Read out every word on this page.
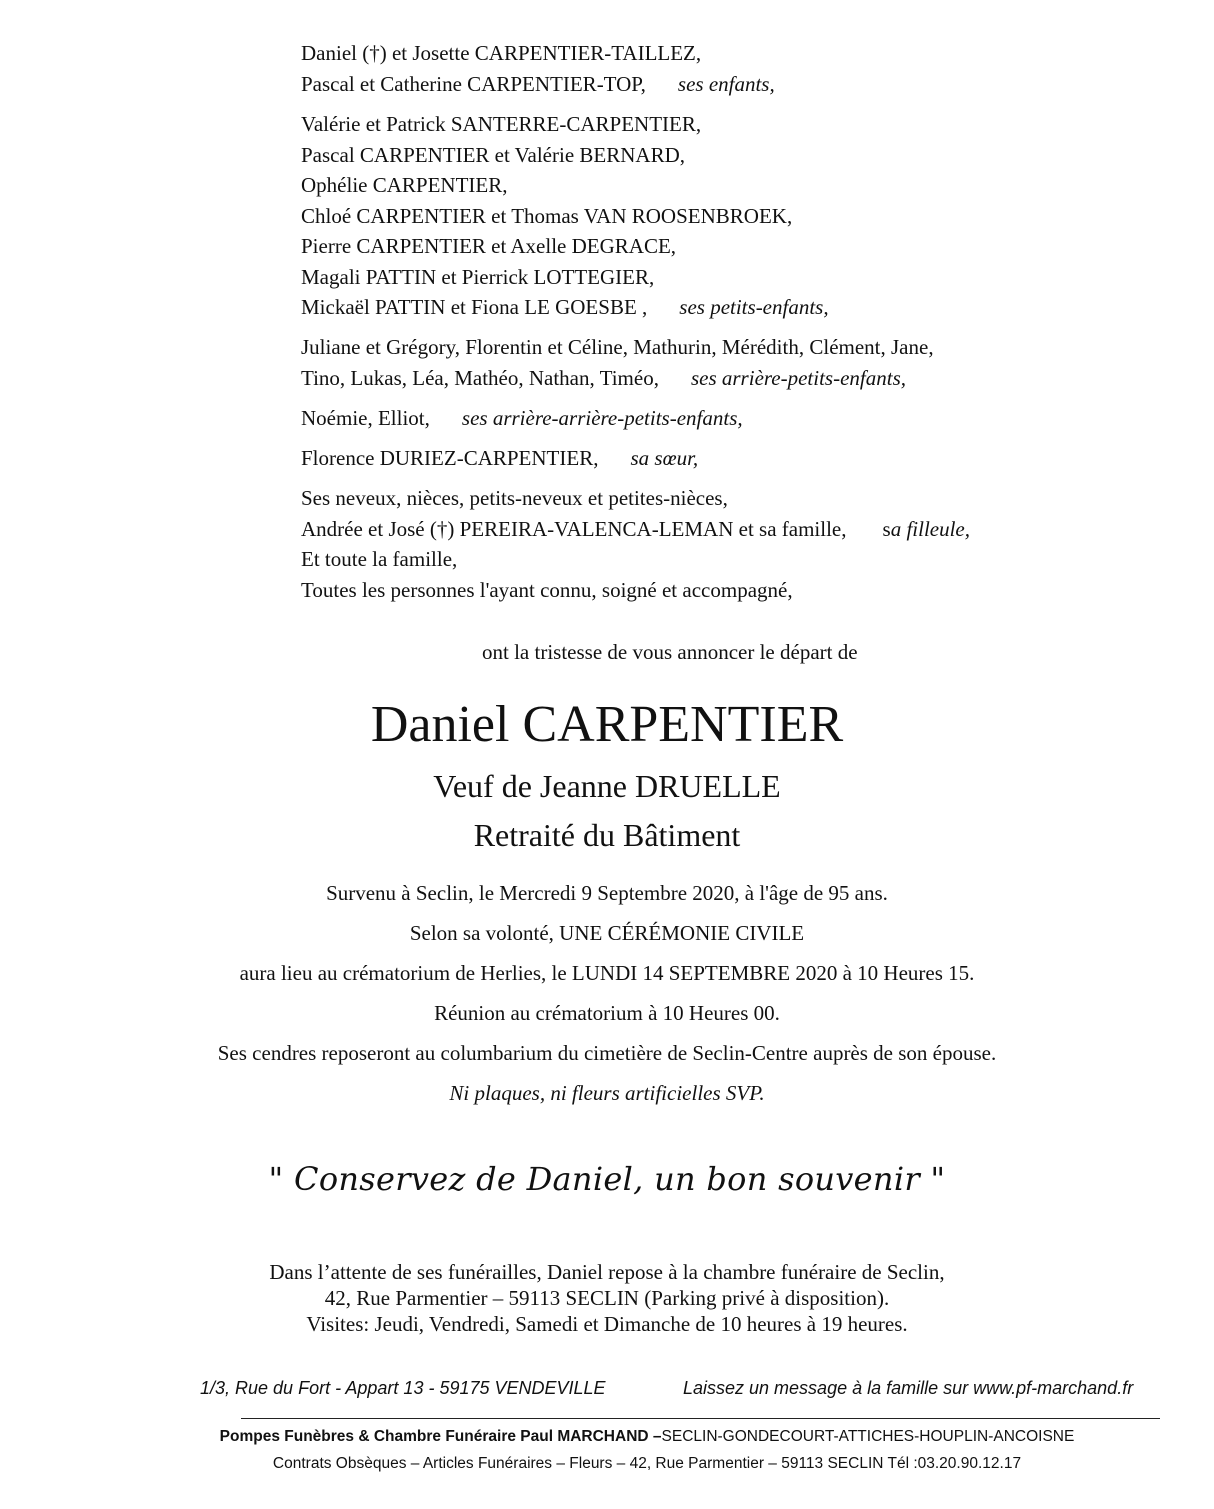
Daniel (†) et Josette CARPENTIER-TAILLEZ,
Pascal et Catherine CARPENTIER-TOP, ses enfants,
Valérie et Patrick SANTERRE-CARPENTIER,
Pascal CARPENTIER et Valérie BERNARD,
Ophélie CARPENTIER,
Chloé CARPENTIER et Thomas VAN ROOSENBROEK,
Pierre CARPENTIER et Axelle DEGRACE,
Magali PATTIN et Pierrick LOTTEGIER,
Mickaël PATTIN et Fiona LE GOESBE , ses petits-enfants,
Juliane et Grégory, Florentin et Céline, Mathurin, Mérédith, Clément, Jane,
Tino, Lukas, Léa, Mathéo, Nathan, Timéo, ses arrière-petits-enfants,
Noémie, Elliot, ses arrière-arrière-petits-enfants,
Florence DURIEZ-CARPENTIER, sa sœur,
Ses neveux, nièces, petits-neveux et petites-nièces,
Andrée et José (†) PEREIRA-VALENCA-LEMAN et sa famille, sa filleule,
Et toute la famille,
Toutes les personnes l'ayant connu, soigné et accompagné,
ont la tristesse de vous annoncer le départ de
Daniel CARPENTIER
Veuf de Jeanne DRUELLE
Retraité du Bâtiment
Survenu à Seclin, le Mercredi 9 Septembre 2020, à l'âge de 95 ans.
Selon sa volonté, UNE CÉRÉMONIE CIVILE
aura lieu au crématorium de Herlies, le LUNDI 14 SEPTEMBRE 2020 à 10 Heures 15.
Réunion au crématorium à 10 Heures 00.
Ses cendres reposeront au columbarium du cimetière de Seclin-Centre auprès de son épouse.
Ni plaques, ni fleurs artificielles SVP.
" Conservez de Daniel, un bon souvenir "
Dans l’attente de ses funérailles, Daniel repose à la chambre funéraire de Seclin,
42, Rue Parmentier – 59113 SECLIN (Parking privé à disposition).
Visites: Jeudi, Vendredi, Samedi et Dimanche de 10 heures à 19 heures.
1/3, Rue du Fort - Appart 13 - 59175 VENDEVILLE	Laissez un message à la famille sur www.pf-marchand.fr
Pompes Funèbres & Chambre Funéraire Paul MARCHAND –SECLIN-GONDECOURT-ATTICHES-HOUPLIN-ANCOISNE
Contrats Obsèques – Articles Funéraires – Fleurs – 42, Rue Parmentier – 59113 SECLIN Tél :03.20.90.12.17
